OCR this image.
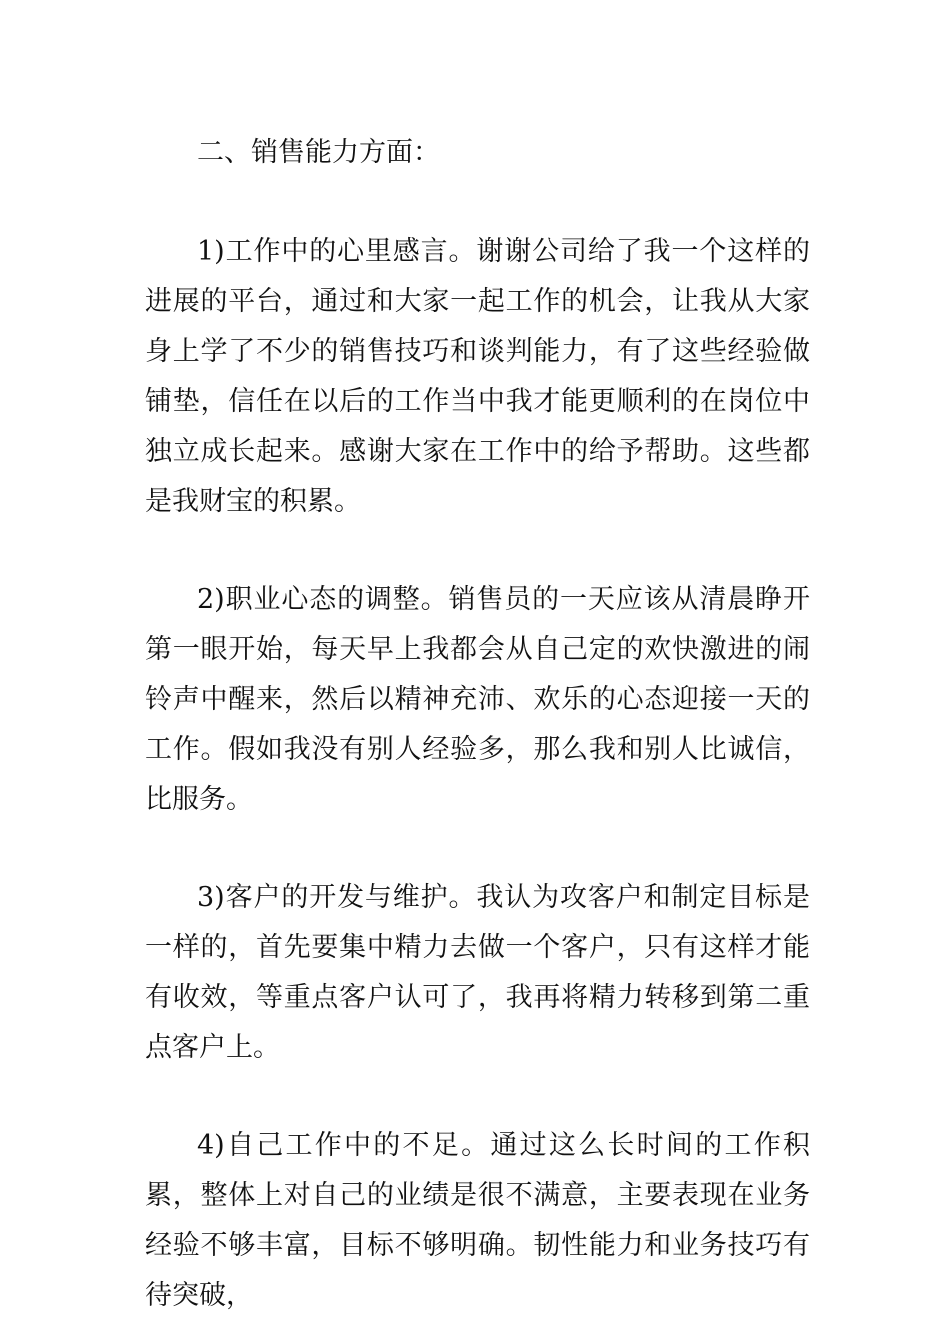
二、销售能力方面：

1)工作中的心里感言。谢谢公司给了我一个这样的进展的平台，通过和大家一起工作的机会，让我从大家身上学了不少的销售技巧和谈判能力，有了这些经验做铺垫，信任在以后的工作当中我才能更顺利的在岗位中独立成长起来。感谢大家在工作中的给予帮助。这些都是我财宝的积累。

2)职业心态的调整。销售员的一天应该从清晨睁开第一眼开始，每天早上我都会从自己定的欢快激进的闹铃声中醒来，然后以精神充沛、欢乐的心态迎接一天的工作。假如我没有别人经验多，那么我和别人比诚信，比服务。

3)客户的开发与维护。我认为攻客户和制定目标是一样的，首先要集中精力去做一个客户，只有这样才能有收效，等重点客户认可了，我再将精力转移到第二重点客户上。

4)自己工作中的不足。通过这么长时间的工作积累，整体上对自己的业绩是很不满意，主要表现在业务经验不够丰富，目标不够明确。韧性能力和业务技巧有待突破，
